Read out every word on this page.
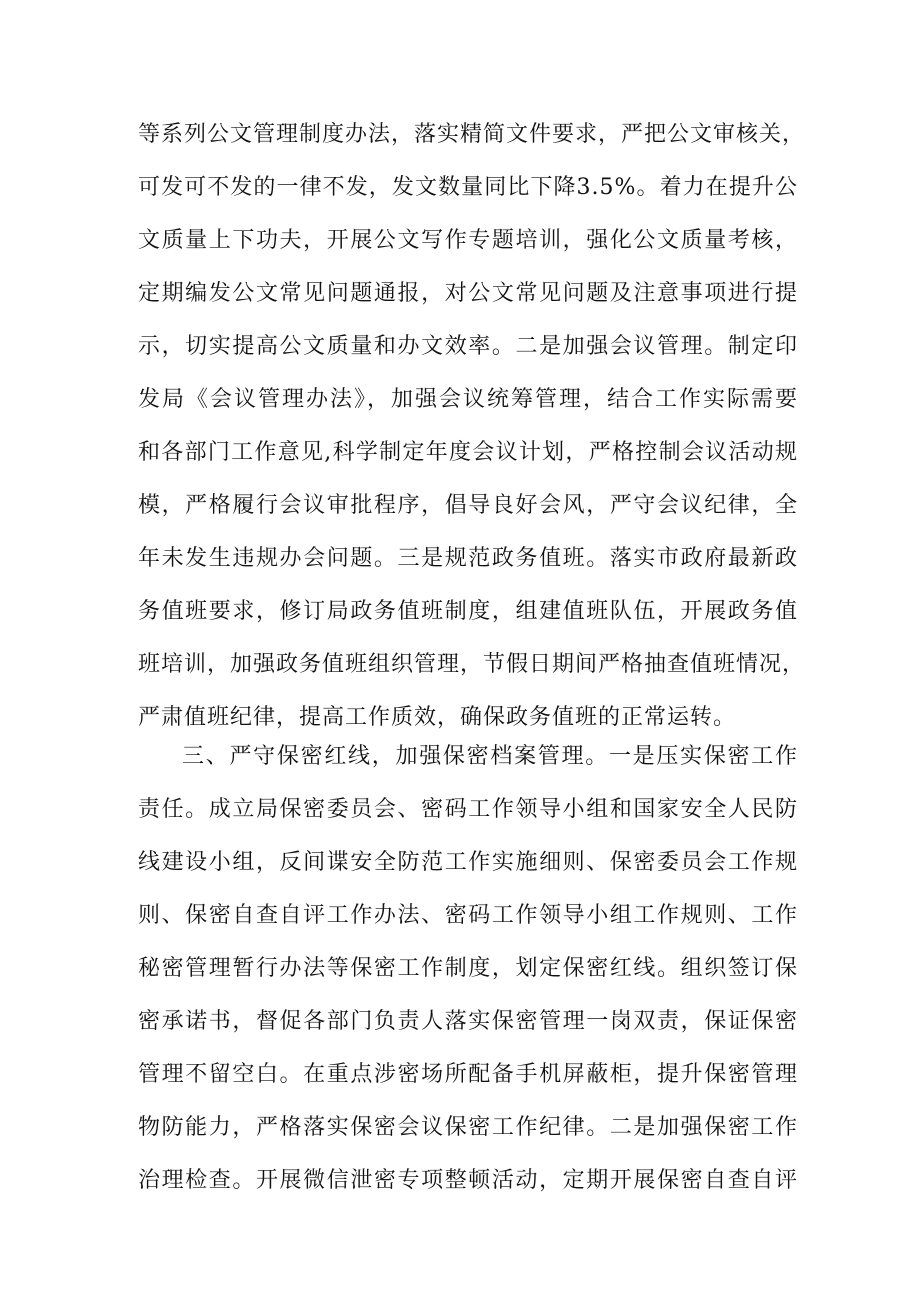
等系列公文管理制度办法，落实精简文件要求，严把公文审核关，
可发可不发的一律不发，发文数量同比下降3.5%。着力在提升公
文质量上下功夫，开展公文写作专题培训，强化公文质量考核，
定期编发公文常见问题通报，对公文常见问题及注意事项进行提
示，切实提高公文质量和办文效率。二是加强会议管理。制定印
发局《会议管理办法》，加强会议统筹管理，结合工作实际需要
和各部门工作意见,科学制定年度会议计划，严格控制会议活动规
模，严格履行会议审批程序，倡导良好会风，严守会议纪律，全
年未发生违规办会问题。三是规范政务值班。落实市政府最新政
务值班要求，修订局政务值班制度，组建值班队伍，开展政务值
班培训，加强政务值班组织管理，节假日期间严格抽查值班情况，
严肃值班纪律，提高工作质效，确保政务值班的正常运转。
三、严守保密红线，加强保密档案管理。一是压实保密工作
责任。成立局保密委员会、密码工作领导小组和国家安全人民防
线建设小组，反间谍安全防范工作实施细则、保密委员会工作规
则、保密自查自评工作办法、密码工作领导小组工作规则、工作
秘密管理暂行办法等保密工作制度，划定保密红线。组织签订保
密承诺书，督促各部门负责人落实保密管理一岗双责，保证保密
管理不留空白。在重点涉密场所配备手机屏蔽柜，提升保密管理
物防能力，严格落实保密会议保密工作纪律。二是加强保密工作
治理检查。开展微信泄密专项整顿活动，定期开展保密自查自评
